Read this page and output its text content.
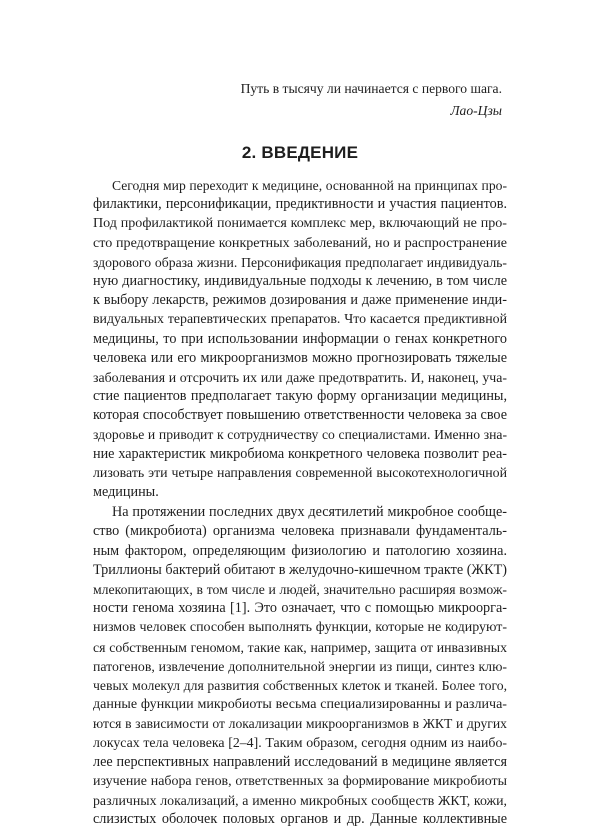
Путь в тысячу ли начинается с первого шага.
Лао-Цзы
2. ВВЕДЕНИЕ
Сегодня мир переходит к медицине, основанной на принципах про-
филактики, персонификации, предиктивности и участия пациентов.
Под профилактикой понимается комплекс мер, включающий не про-
сто предотвращение конкретных заболеваний, но и распространение
здорового образа жизни. Персонификация предполагает индивидуаль-
ную диагностику, индивидуальные подходы к лечению, в том числе
к выбору лекарств, режимов дозирования и даже применение инди-
видуальных терапевтических препаратов. Что касается предиктивной
медицины, то при использовании информации о генах конкретного
человека или его микроорганизмов можно прогнозировать тяжелые
заболевания и отсрочить их или даже предотвратить. И, наконец, уча-
стие пациентов предполагает такую форму организации медицины,
которая способствует повышению ответственности человека за свое
здоровье и приводит к сотрудничеству со специалистами. Именно зна-
ние характеристик микробиома конкретного человека позволит реа-
лизовать эти четыре направления современной высокотехнологичной
медицины.
На протяжении последних двух десятилетий микробное сообще-
ство (микробиота) организма человека признавали фундаменталь-
ным фактором, определяющим физиологию и патологию хозяина.
Триллионы бактерий обитают в желудочно-кишечном тракте (ЖКТ)
млекопитающих, в том числе и людей, значительно расширяя возмож-
ности генома хозяина [1]. Это означает, что с помощью микроорга-
низмов человек способен выполнять функции, которые не кодируют-
ся собственным геномом, такие как, например, защита от инвазивных
патогенов, извлечение дополнительной энергии из пищи, синтез клю-
чевых молекул для развития собственных клеток и тканей. Более того,
данные функции микробиоты весьма специализированны и различа-
ются в зависимости от локализации микроорганизмов в ЖКТ и других
локусах тела человека [2–4]. Таким образом, сегодня одним из наибо-
лее перспективных направлений исследований в медицине является
изучение набора генов, ответственных за формирование микробиоты
различных локализаций, а именно микробных сообществ ЖКТ, кожи,
слизистых оболочек половых органов и др. Данные коллективные
